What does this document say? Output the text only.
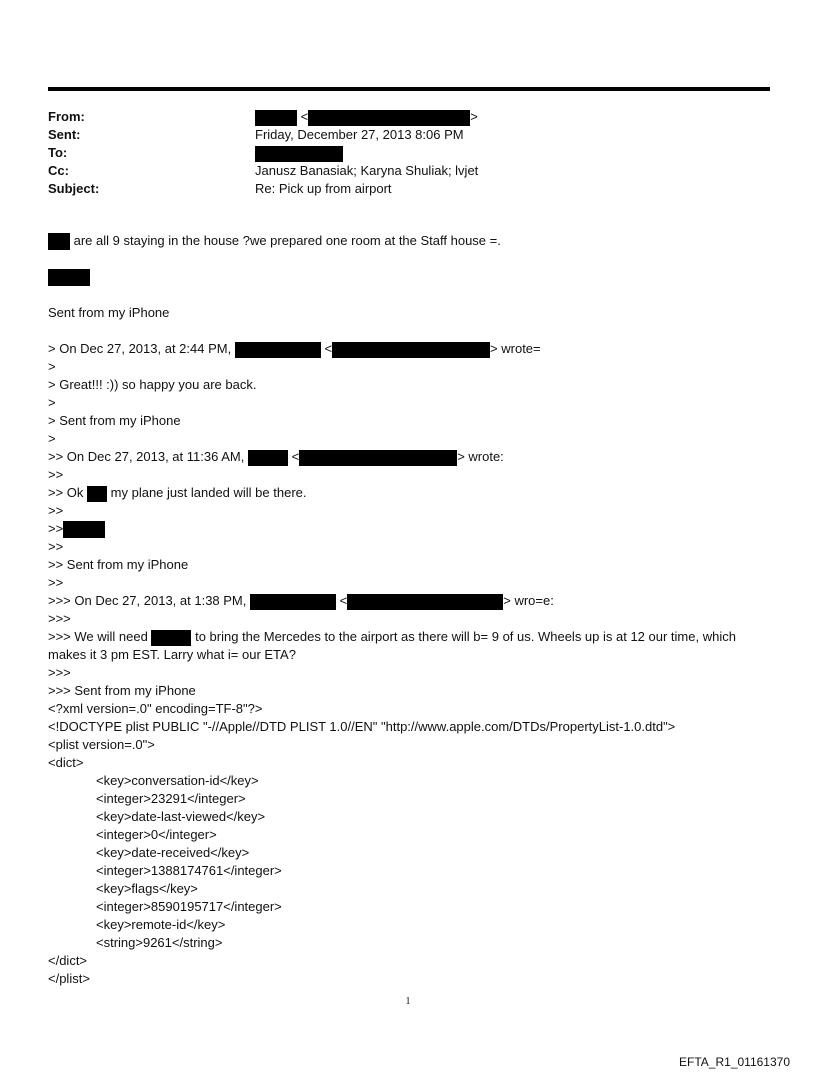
From:	<	>
Sent:	Friday, December 27, 2013 8:06 PM
To:
Cc:	Janusz Banasiak; Karyna Shuliak; lvjet
Subject:	Re: Pick up from airport
are all 9 staying in the house ?we prepared one room at the Staff house =.
Sent from my iPhone
> On Dec 27, 2013, at 2:44 PM,	<	> wrote=
>
> Great!!! :)) so happy you are back.
>
> Sent from my iPhone
>
>> On Dec 27, 2013, at 11:36 AM,	<	> wrote:
>>
>> Ok  my plane just landed will be there.
>>
>>
>>
>> Sent from my iPhone
>>
>>> On Dec 27, 2013, at 1:38 PM,	<	> wro=e:
>>>
>>> We will need	to bring the Mercedes to the airport as there will b= 9 of us. Wheels up is at 12 our time, which makes it 3 pm EST. Larry what i= our ETA?
>>>
>>> Sent from my iPhone
<?xml version=.0" encoding=TF-8"?>
<!DOCTYPE plist PUBLIC "-//Apple//DTD PLIST 1.0//EN" "http://www.apple.com/DTDs/PropertyList-1.0.dtd">
<plist version=.0">
<dict>
<key>conversation-id</key>
<integer>23291</integer>
<key>date-last-viewed</key>
<integer>0</integer>
<key>date-received</key>
<integer>1388174761</integer>
<key>flags</key>
<integer>8590195717</integer>
<key>remote-id</key>
<string>9261</string>
</dict>
</plist>
1
EFTA_R1_01161370
